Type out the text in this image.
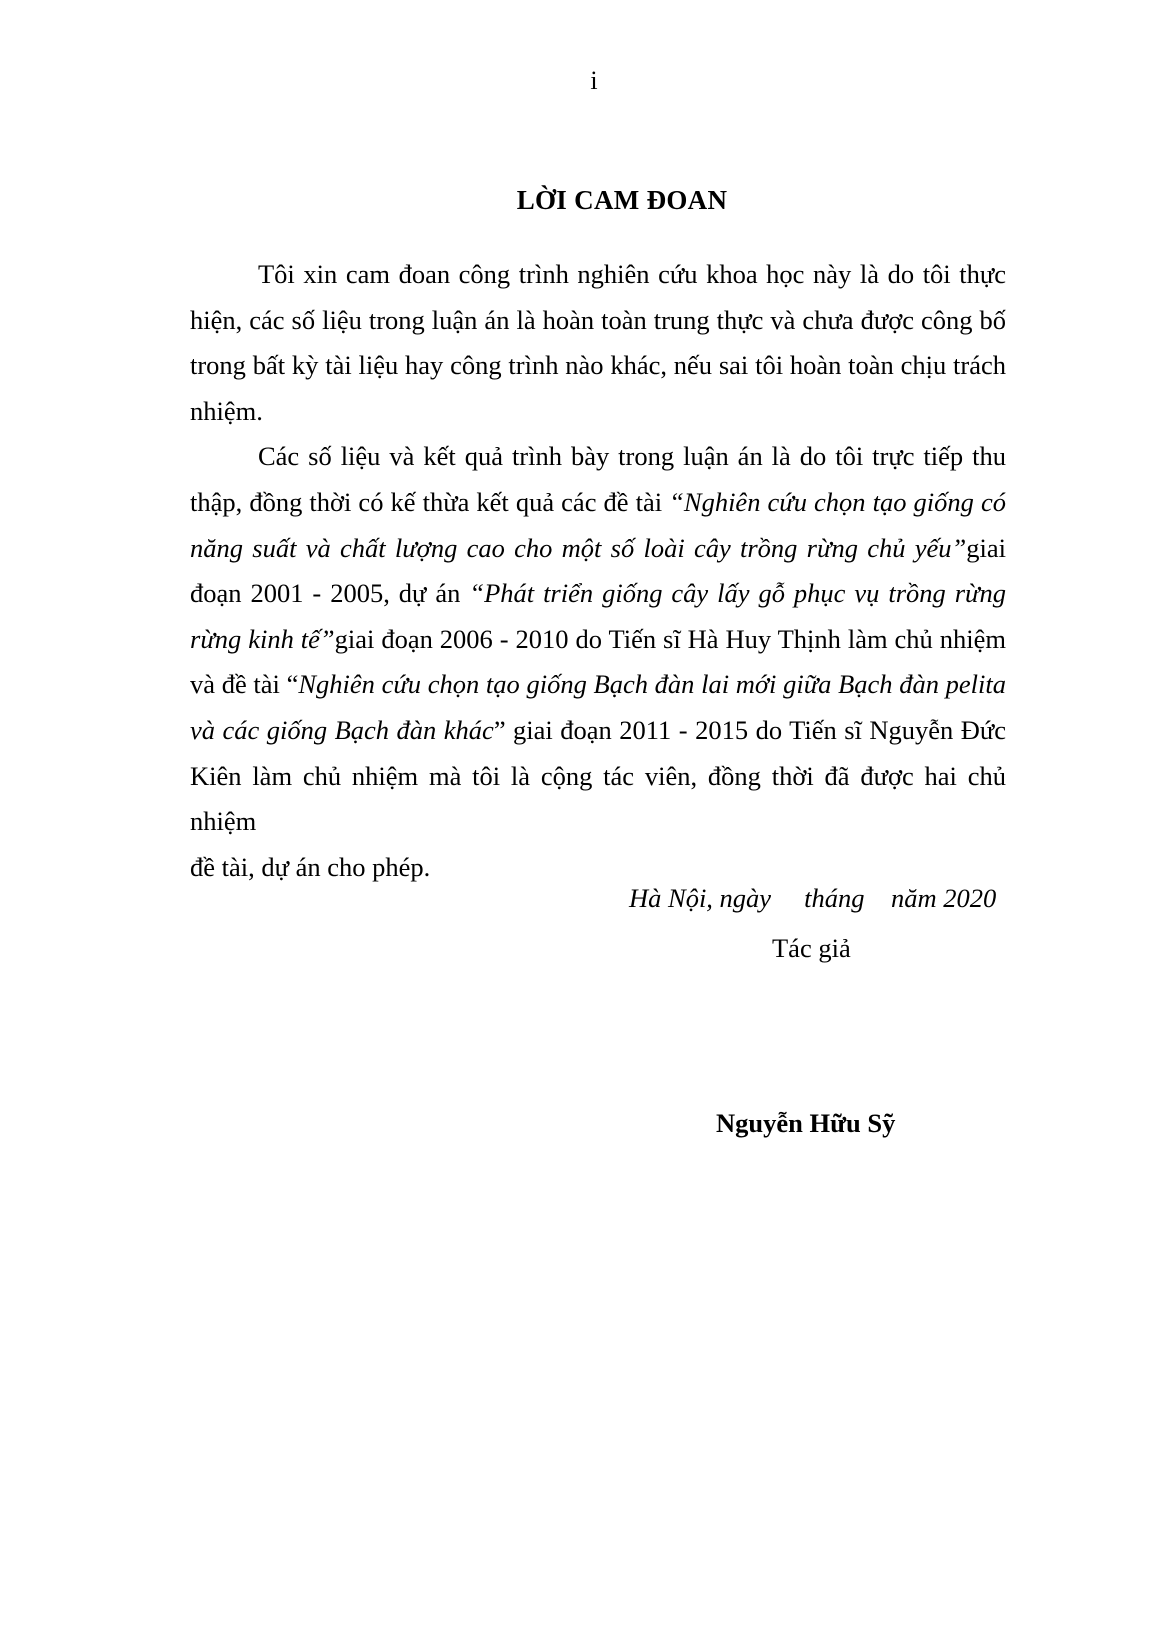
i
LỜI CAM ĐOAN
Tôi xin cam đoan công trình nghiên cứu khoa học này là do tôi thực
hiện, các số liệu trong luận án là hoàn toàn trung thực và chưa được công bố
trong bất kỳ tài liệu hay công trình nào khác, nếu sai tôi hoàn toàn chịu trách
nhiệm.
Các số liệu và kết quả trình bày trong luận án là do tôi trực tiếp thu
thập, đồng thời có kế thừa kết quả các đề tài “Nghiên cứu chọn tạo giống có
năng suất và chất lượng cao cho một số loài cây trồng rừng chủ yếu”giai
đoạn 2001 - 2005, dự án “Phát triển giống cây lấy gỗ phục vụ trồng rừng
rừng kinh tế”giai đoạn 2006 - 2010 do Tiến sĩ Hà Huy Thịnh làm chủ nhiệm
và đề tài “Nghiên cứu chọn tạo giống Bạch đàn lai mới giữa Bạch đàn pelita
và các giống Bạch đàn khác” giai đoạn 2011 - 2015 do Tiến sĩ Nguyễn Đức
Kiên làm chủ nhiệm mà tôi là cộng tác viên, đồng thời đã được hai chủ nhiệm
đề tài, dự án cho phép.
Hà Nội, ngày     tháng    năm 2020
Tác giả
Nguyễn Hữu Sỹ
